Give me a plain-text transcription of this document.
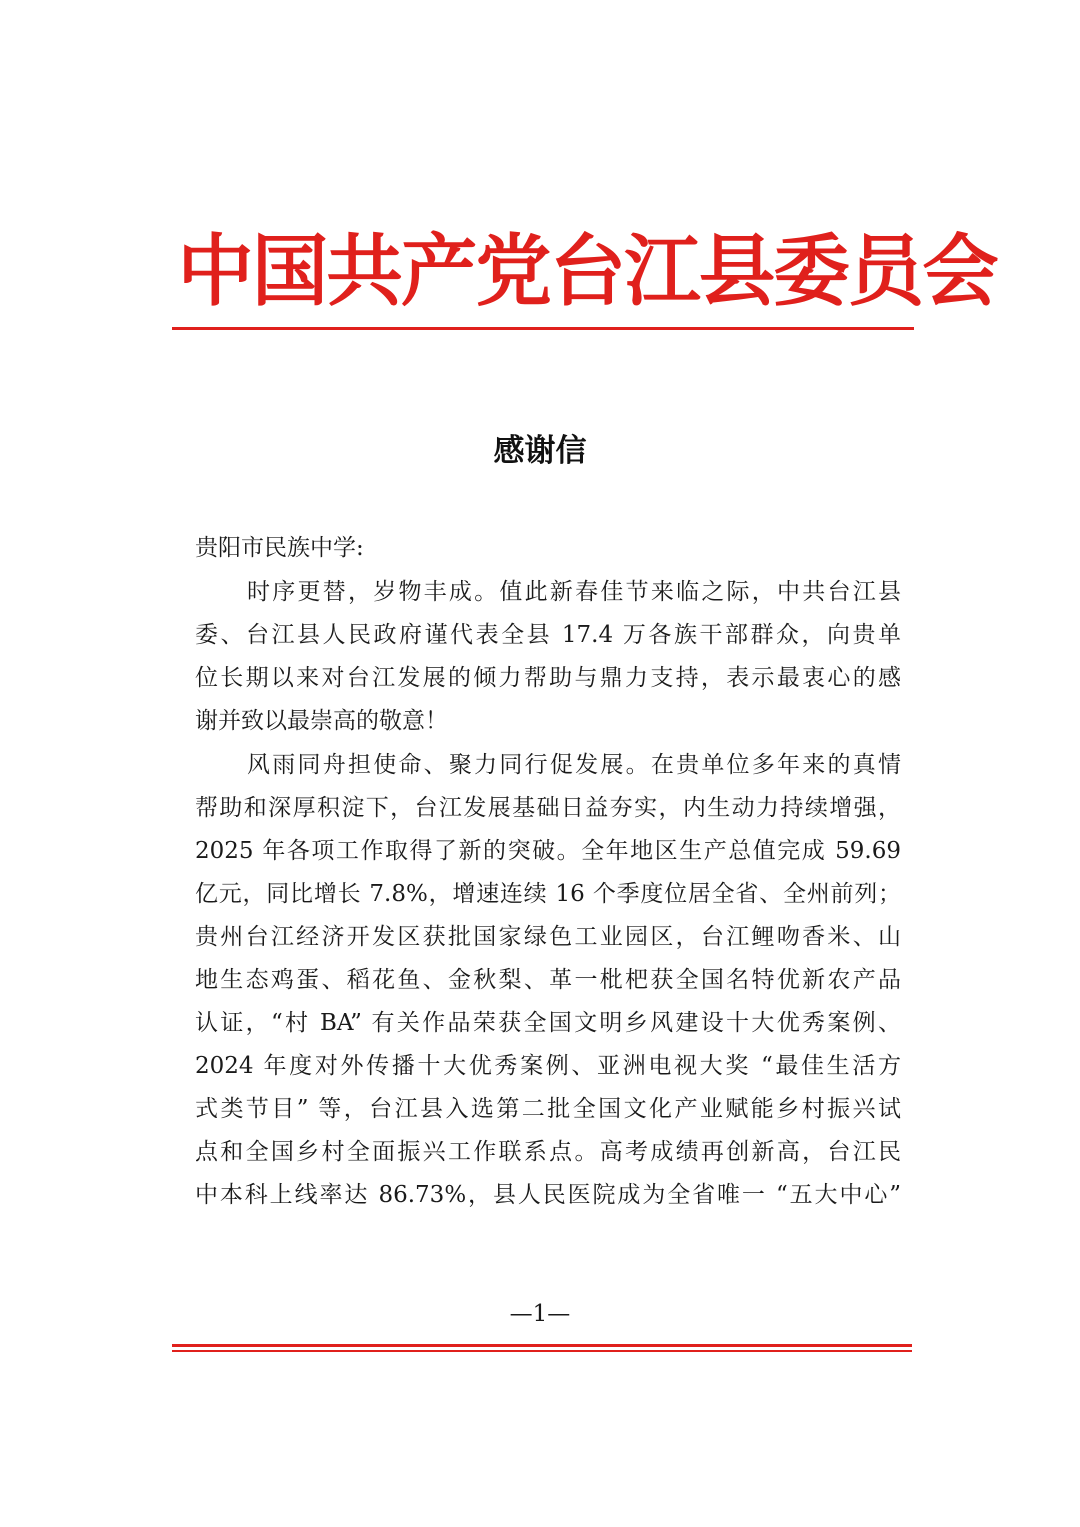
中国共产党台江县委员会
感谢信
贵阳市民族中学:
时序更替，岁物丰成。值此新春佳节来临之际，中共台江县
委、台江县人民政府谨代表全县 17.4 万各族干部群众，向贵单
位长期以来对台江发展的倾力帮助与鼎力支持，表示最衷心的感
谢并致以最崇高的敬意！
风雨同舟担使命、聚力同行促发展。在贵单位多年来的真情
帮助和深厚积淀下，台江发展基础日益夯实，内生动力持续增强，
2025 年各项工作取得了新的突破。全年地区生产总值完成 59.69
亿元，同比增长 7.8%，增速连续 16 个季度位居全省、全州前列；
贵州台江经济开发区获批国家绿色工业园区，台江鲤吻香米、山
地生态鸡蛋、稻花鱼、金秋梨、革一枇杷获全国名特优新农产品
认证，“村 BA” 有关作品荣获全国文明乡风建设十大优秀案例、
2024 年度对外传播十大优秀案例、亚洲电视大奖 “最佳生活方
式类节目” 等，台江县入选第二批全国文化产业赋能乡村振兴试
点和全国乡村全面振兴工作联系点。高考成绩再创新高，台江民
中本科上线率达 86.73%，县人民医院成为全省唯一 “五大中心”
—1—
